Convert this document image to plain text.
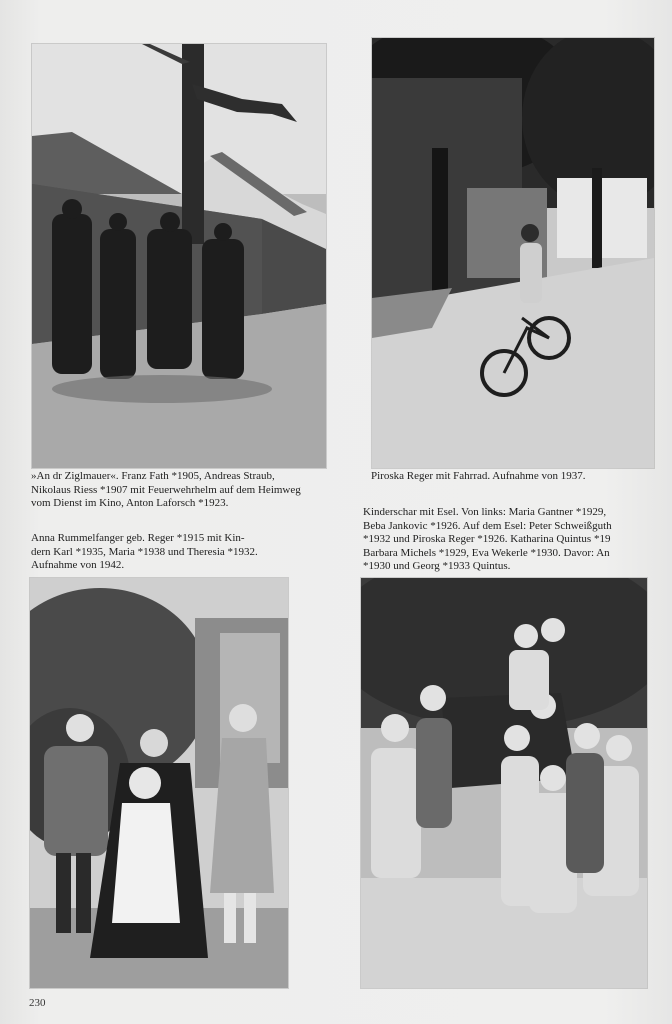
»An dr Ziglmauer«. Franz Fath *1905, Andreas Straub,
Nikolaus Riess *1907 mit Feuerwehrhelm auf dem Heimweg
vom Dienst im Kino, Anton Laforsch *1923.
Piroska Reger mit Fahrrad. Aufnahme von 1937.
Anna Rummelfanger geb. Reger *1915 mit Kin-
dern Karl *1935, Maria *1938 und Theresia *1932.
Aufnahme von 1942.
Kinderschar mit Esel. Von links: Maria Gantner *1929,
Beba Jankovic *1926. Auf dem Esel: Peter Schweißguth
*1932 und Piroska Reger *1926. Katharina Quintus *19
Barbara Michels *1929, Eva Wekerle *1930. Davor: An
*1930 und Georg *1933 Quintus.
230
